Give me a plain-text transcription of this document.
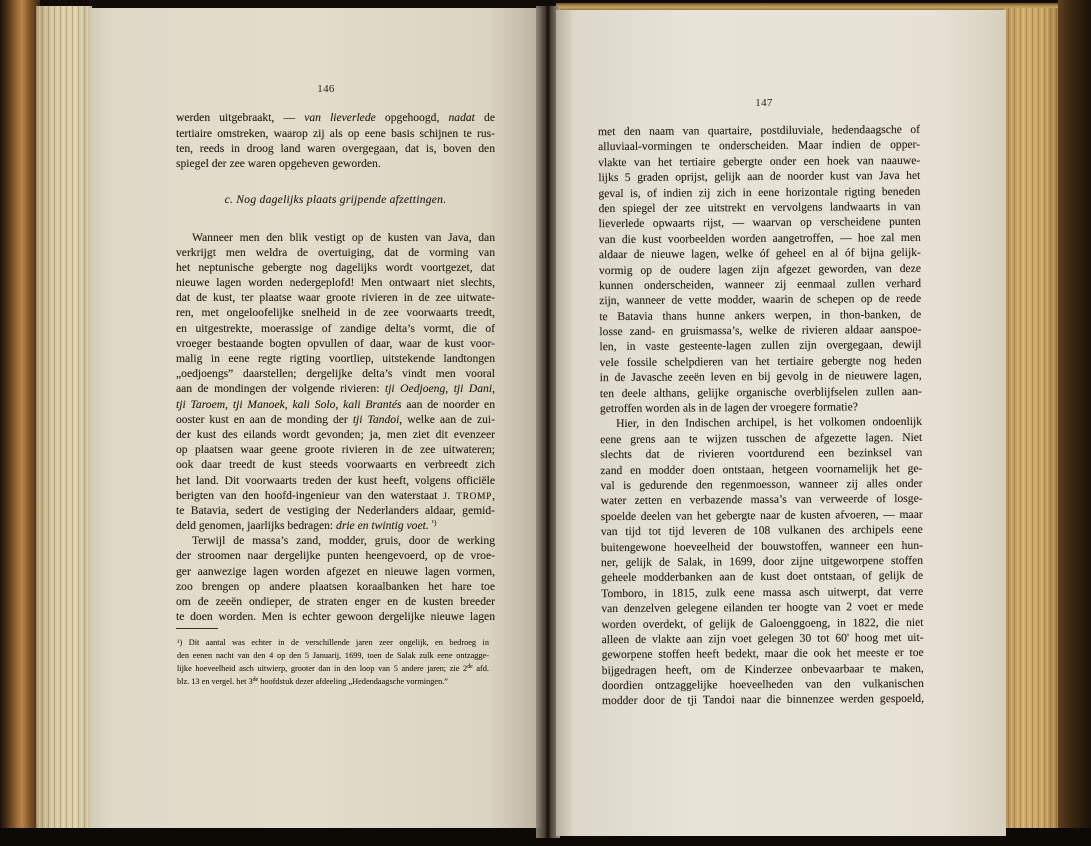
146
werden uitgebraakt, — van lieverlede opgehoogd, nadat de
tertiaire omstreken, waarop zij als op eene basis schijnen te rus-
ten, reeds in droog land waren overgegaan, dat is, boven den
spiegel der zee waren opgeheven geworden.
c. Nog dagelijks plaats grijpende afzettingen.
Wanneer men den blik vestigt op de kusten van Java, dan
verkrijgt men weldra de overtuiging, dat de vorming van
het neptunische gebergte nog dagelijks wordt voortgezet, dat
nieuwe lagen worden nedergeplofd! Men ontwaart niet slechts,
dat de kust, ter plaatse waar groote rivieren in de zee uitwate-
ren, met ongeloofelijke snelheid in de zee voorwaarts treedt,
en uitgestrekte, moerassige of zandige delta’s vormt, die of
vroeger bestaande bogten opvullen of daar, waar de kust voor-
malig in eene regte rigting voortliep, uitstekende landtongen
„oedjoengs” daarstellen; dergelijke delta’s vindt men vooral
aan de mondingen der volgende rivieren: tji Oedjoeng, tji Dani,
tji Taroem, tji Manoek, kali Solo, kali Brantés aan de noorder en
ooster kust en aan de monding der tji Tandoi, welke aan de zui-
der kust des eilands wordt gevonden; ja, men ziet dit evenzeer
op plaatsen waar geene groote rivieren in de zee uitwateren;
ook daar treedt de kust steeds voorwaarts en verbreedt zich
het land. Dit voorwaarts treden der kust heeft, volgens officiële
berigten van den hoofd-ingenieur van den waterstaat J. TROMP,
te Batavia, sedert de vestiging der Nederlanders aldaar, gemid-
deld genomen, jaarlijks bedragen: drie en twintig voet. $^{^1)}$
Terwijl de massa’s zand, modder, gruis, door de werking
der stroomen naar dergelijke punten heengevoerd, op de vroe-
ger aanwezige lagen worden afgezet en nieuwe lagen vormen,
zoo brengen op andere plaatsen koraalbanken het hare toe
om de zeeën ondieper, de straten enger en de kusten breeder
te doen worden. Men is echter gewoon dergelijke nieuwe lagen
¹) Dit aantal was echter in de verschillende jaren zeer ongelijk, en bedroeg in
den eenen nacht van den 4 op den 5 Januarij, 1699, toen de Salak zulk eene ontzagge-
lijke hoeveelheid asch uitwierp, grooter dan in den loop van 5 andere jaren; zie 2de afd.
blz. 13 en vergel. het 3de hoofdstuk dezer afdeeling „Hedendaagsche vormingen.”
147
met den naam van quartaire, postdiluviale, hedendaagsche of
alluviaal-vormingen te onderscheiden. Maar indien de opper-
vlakte van het tertiaire gebergte onder een hoek van naauwe-
lijks 5 graden oprijst, gelijk aan de noorder kust van Java het
geval is, of indien zij zich in eene horizontale rigting beneden
den spiegel der zee uitstrekt en vervolgens landwaarts in van
lieverlede opwaarts rijst, — waarvan op verscheidene punten
van die kust voorbeelden worden aangetroffen, — hoe zal men
aldaar de nieuwe lagen, welke óf geheel en al óf bijna gelijk-
vormig op de oudere lagen zijn afgezet geworden, van deze
kunnen onderscheiden, wanneer zij eenmaal zullen verhard
zijn, wanneer de vette modder, waarin de schepen op de reede
te Batavia thans hunne ankers werpen, in thon-banken, de
losse zand- en gruismassa’s, welke de rivieren aldaar aanspoe-
len, in vaste gesteente-lagen zullen zijn overgegaan, dewijl
vele fossile schelpdieren van het tertiaire gebergte nog heden
in de Javasche zeeën leven en bij gevolg in de nieuwere lagen,
ten deele althans, gelijke organische overblijfselen zullen aan-
getroffen worden als in de lagen der vroegere formatie?
Hier, in den Indischen archipel, is het volkomen ondoenlijk
eene grens aan te wijzen tusschen de afgezette lagen. Niet
slechts dat de rivieren voortdurend een bezinksel van
zand en modder doen ontstaan, hetgeen voornamelijk het ge-
val is gedurende den regenmoesson, wanneer zij alles onder
water zetten en verbazende massa’s van verweerde of losge-
spoelde deelen van het gebergte naar de kusten afvoeren, — maar
van tijd tot tijd leveren de 108 vulkanen des archipels eene
buitengewone hoeveelheid der bouwstoffen, wanneer een hun-
ner, gelijk de Salak, in 1699, door zijne uitgeworpene stoffen
geheele modderbanken aan de kust doet ontstaan, of gelijk de
Tomboro, in 1815, zulk eene massa asch uitwerpt, dat verre
van denzelven gelegene eilanden ter hoogte van 2 voet er mede
worden overdekt, of gelijk de Galoenggoeng, in 1822, die niet
alleen de vlakte aan zijn voet gelegen 30 tot 60' hoog met uit-
geworpene stoffen heeft bedekt, maar die ook het meeste er toe
bijgedragen heeft, om de Kinderzee onbevaarbaar te maken,
doordien ontzaggelijke hoeveelheden van den vulkanischen
modder door de tji Tandoi naar die binnenzee werden gespoeld,
